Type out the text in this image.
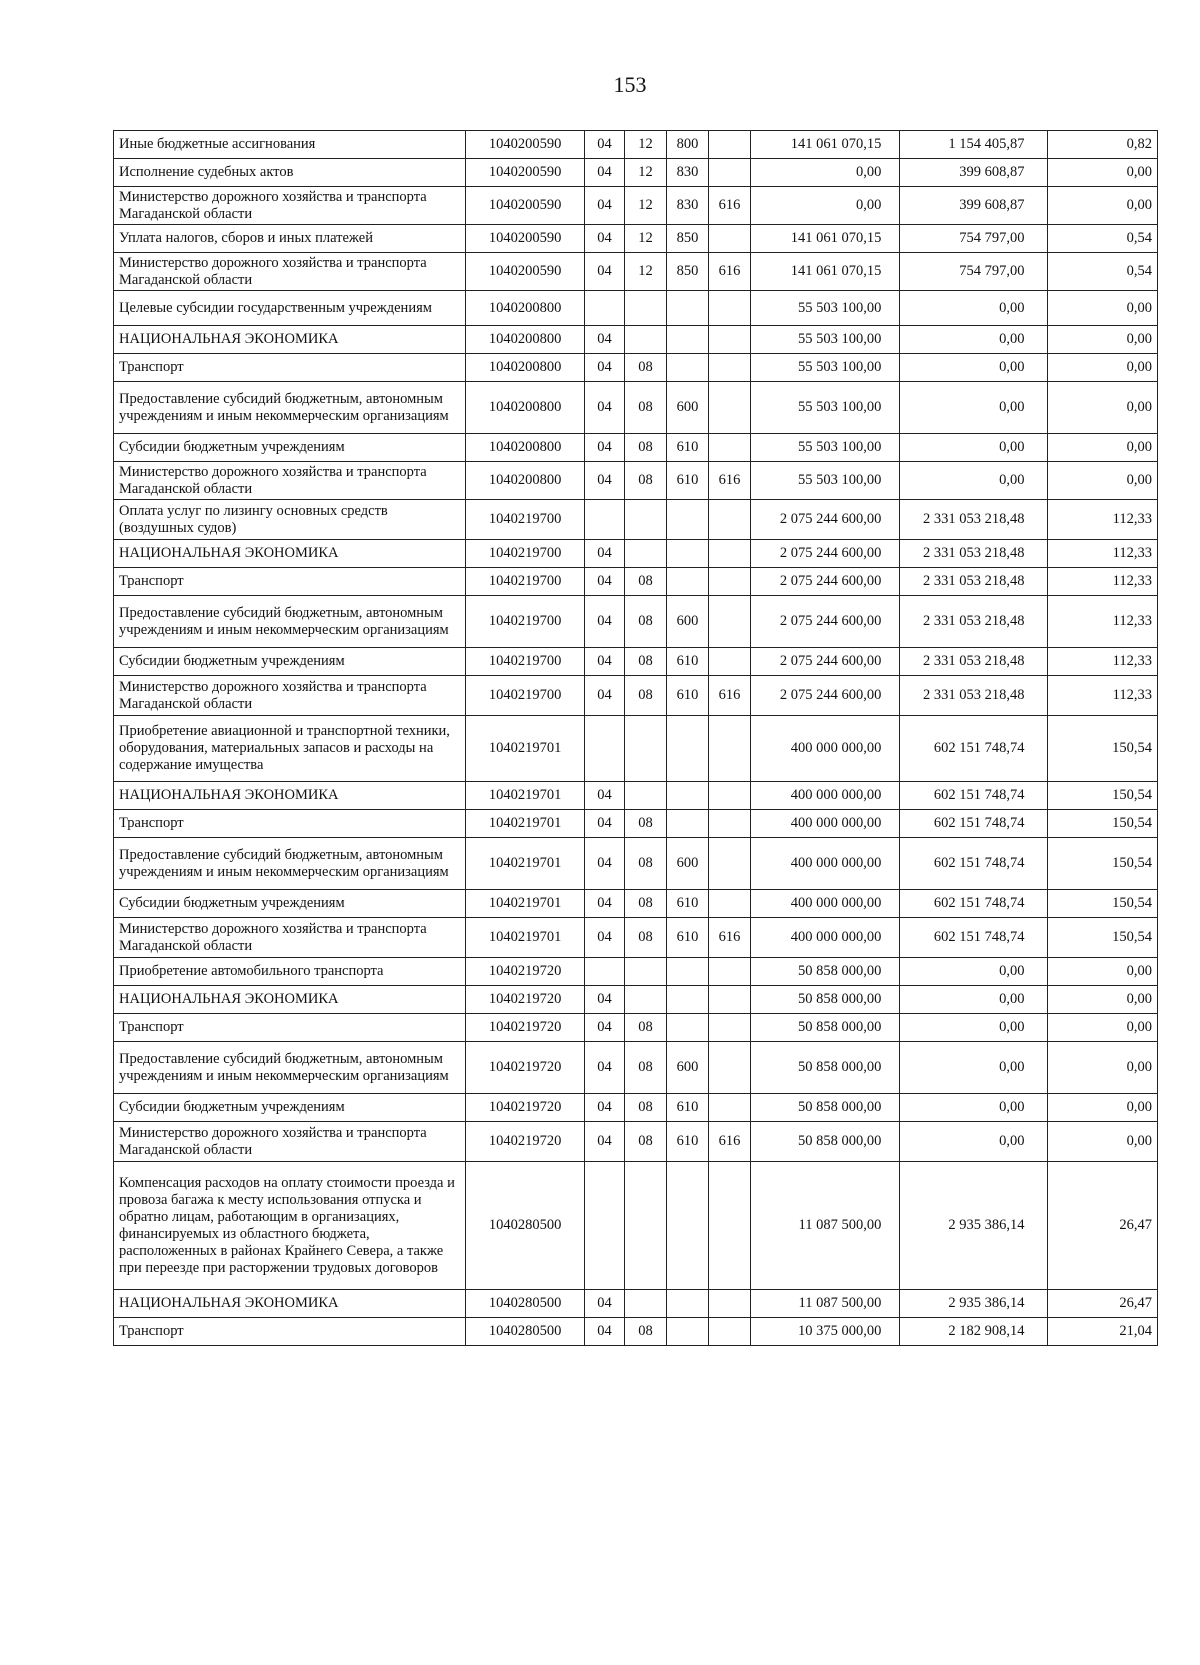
153
Иные бюджетные ассигнования	1040200590	04	12	800		141 061 070,15	1 154 405,87	0,82
Исполнение судебных актов	1040200590	04	12	830		0,00	399 608,87	0,00
Министерство дорожного хозяйства и транспорта Магаданской области	1040200590	04	12	830	616	0,00	399 608,87	0,00
Уплата налогов, сборов и иных платежей	1040200590	04	12	850		141 061 070,15	754 797,00	0,54
Министерство дорожного хозяйства и транспорта Магаданской области	1040200590	04	12	850	616	141 061 070,15	754 797,00	0,54
Целевые субсидии государственным учреждениям	1040200800					55 503 100,00	0,00	0,00
НАЦИОНАЛЬНАЯ ЭКОНОМИКА	1040200800	04				55 503 100,00	0,00	0,00
Транспорт	1040200800	04	08			55 503 100,00	0,00	0,00
Предоставление субсидий бюджетным, автономным учреждениям и иным некоммерческим организациям	1040200800	04	08	600		55 503 100,00	0,00	0,00
Субсидии бюджетным учреждениям	1040200800	04	08	610		55 503 100,00	0,00	0,00
Министерство дорожного хозяйства и транспорта Магаданской области	1040200800	04	08	610	616	55 503 100,00	0,00	0,00
Оплата услуг по лизингу основных средств (воздушных судов)	1040219700					2 075 244 600,00	2 331 053 218,48	112,33
НАЦИОНАЛЬНАЯ ЭКОНОМИКА	1040219700	04				2 075 244 600,00	2 331 053 218,48	112,33
Транспорт	1040219700	04	08			2 075 244 600,00	2 331 053 218,48	112,33
Предоставление субсидий бюджетным, автономным учреждениям и иным некоммерческим организациям	1040219700	04	08	600		2 075 244 600,00	2 331 053 218,48	112,33
Субсидии бюджетным учреждениям	1040219700	04	08	610		2 075 244 600,00	2 331 053 218,48	112,33
Министерство дорожного хозяйства и транспорта Магаданской области	1040219700	04	08	610	616	2 075 244 600,00	2 331 053 218,48	112,33
Приобретение авиационной и транспортной техники, оборудования, материальных запасов и расходы на содержание имущества	1040219701					400 000 000,00	602 151 748,74	150,54
НАЦИОНАЛЬНАЯ ЭКОНОМИКА	1040219701	04				400 000 000,00	602 151 748,74	150,54
Транспорт	1040219701	04	08			400 000 000,00	602 151 748,74	150,54
Предоставление субсидий бюджетным, автономным учреждениям и иным некоммерческим организациям	1040219701	04	08	600		400 000 000,00	602 151 748,74	150,54
Субсидии бюджетным учреждениям	1040219701	04	08	610		400 000 000,00	602 151 748,74	150,54
Министерство дорожного хозяйства и транспорта Магаданской области	1040219701	04	08	610	616	400 000 000,00	602 151 748,74	150,54
Приобретение автомобильного транспорта	1040219720					50 858 000,00	0,00	0,00
НАЦИОНАЛЬНАЯ ЭКОНОМИКА	1040219720	04				50 858 000,00	0,00	0,00
Транспорт	1040219720	04	08			50 858 000,00	0,00	0,00
Предоставление субсидий бюджетным, автономным учреждениям и иным некоммерческим организациям	1040219720	04	08	600		50 858 000,00	0,00	0,00
Субсидии бюджетным учреждениям	1040219720	04	08	610		50 858 000,00	0,00	0,00
Министерство дорожного хозяйства и транспорта Магаданской области	1040219720	04	08	610	616	50 858 000,00	0,00	0,00
Компенсация расходов на оплату стоимости проезда и провоза багажа к месту использования отпуска и обратно лицам, работающим в организациях, финансируемых из областного бюджета, расположенных в районах Крайнего Севера, а также при переезде при расторжении трудовых договоров	1040280500					11 087 500,00	2 935 386,14	26,47
НАЦИОНАЛЬНАЯ ЭКОНОМИКА	1040280500	04				11 087 500,00	2 935 386,14	26,47
Транспорт	1040280500	04	08			10 375 000,00	2 182 908,14	21,04
